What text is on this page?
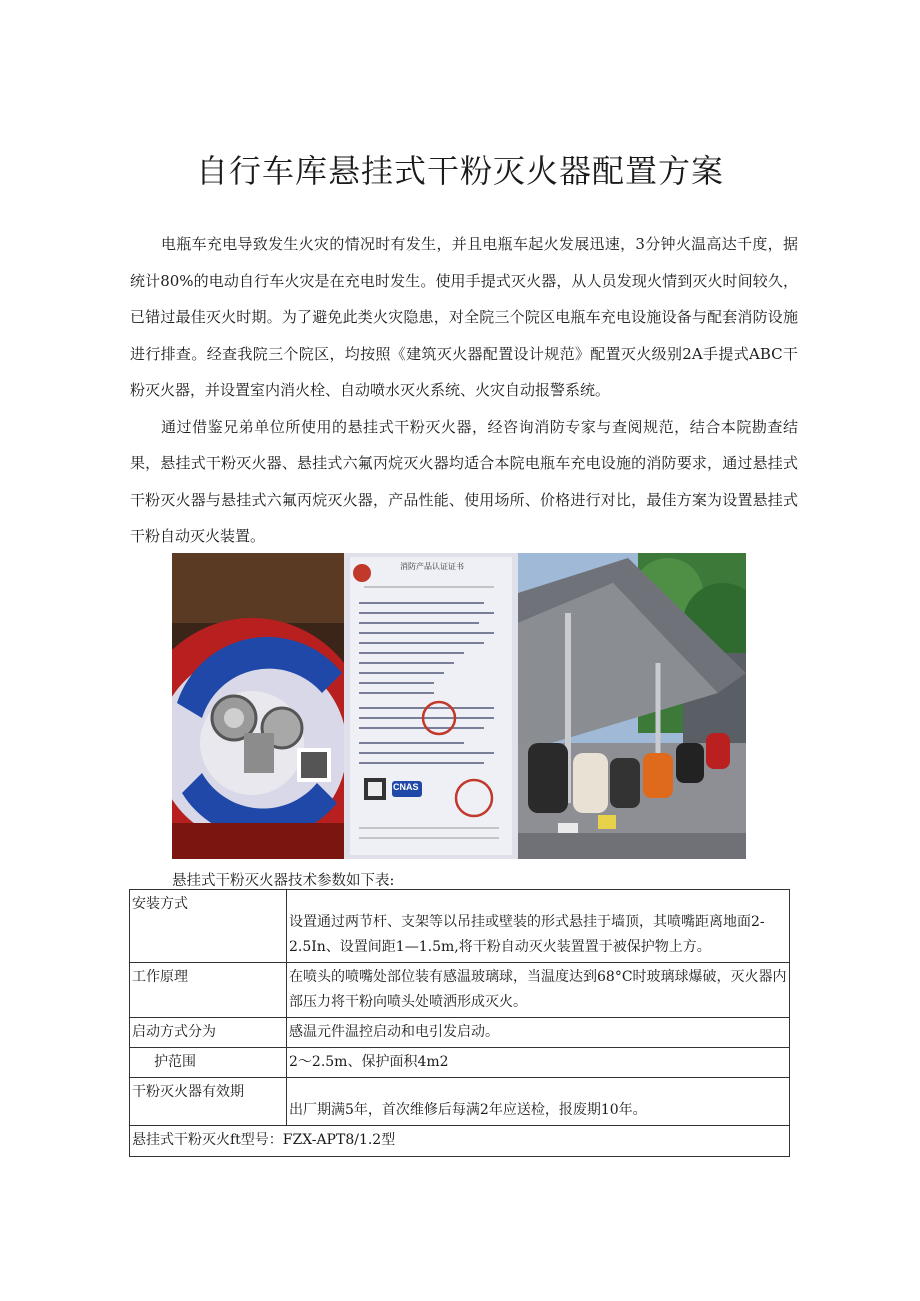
自行车库悬挂式干粉灭火器配置方案

电瓶车充电导致发生火灾的情况时有发生，并且电瓶车起火发展迅速，3分钟火温高达千度，据统计80%的电动自行车火灾是在充电时发生。使用手提式灭火器，从人员发现火情到灭火时间较久，已错过最佳灭火时期。为了避免此类火灾隐患，对全院三个院区电瓶车充电设施设备与配套消防设施进行排查。经查我院三个院区，均按照《建筑灭火器配置设计规范》配置灭火级别2A手提式ABC干粉灭火器，并设置室内消火栓、自动喷水灭火系统、火灾自动报警系统。

通过借鉴兄弟单位所使用的悬挂式干粉灭火器，经咨询消防专家与查阅规范，结合本院勘查结果，悬挂式干粉灭火器、悬挂式六氟丙烷灭火器均适合本院电瓶车充电设施的消防要求，通过悬挂式干粉灭火器与悬挂式六氟丙烷灭火器，产品性能、使用场所、价格进行对比，最佳方案为设置悬挂式干粉自动灭火装置。

消防产品认证证书
CNAS
悬挂式干粉灭火器技术参数如下表:
安装方式	设置通过两节杆、支架等以吊挂或壁装的形式悬挂于墙顶，其喷嘴距离地面2-2.5In、设置间距1—1.5m,将干粉自动灭火装置置于被保护物上方。
工作原理	在喷头的喷嘴处部位装有感温玻璃球，当温度达到68°C时玻璃球爆破，灭火器内部压力将干粉向喷头处喷洒形成灭火。
启动方式分为	感温元件温控启动和电引发启动。
护范围	2～2.5m、保护面积4m2
干粉灭火器有效期	出厂期满5年，首次维修后每满2年应送检，报废期10年。
悬挂式干粉灭火ft型号：FZX-APT8/1.2型	
